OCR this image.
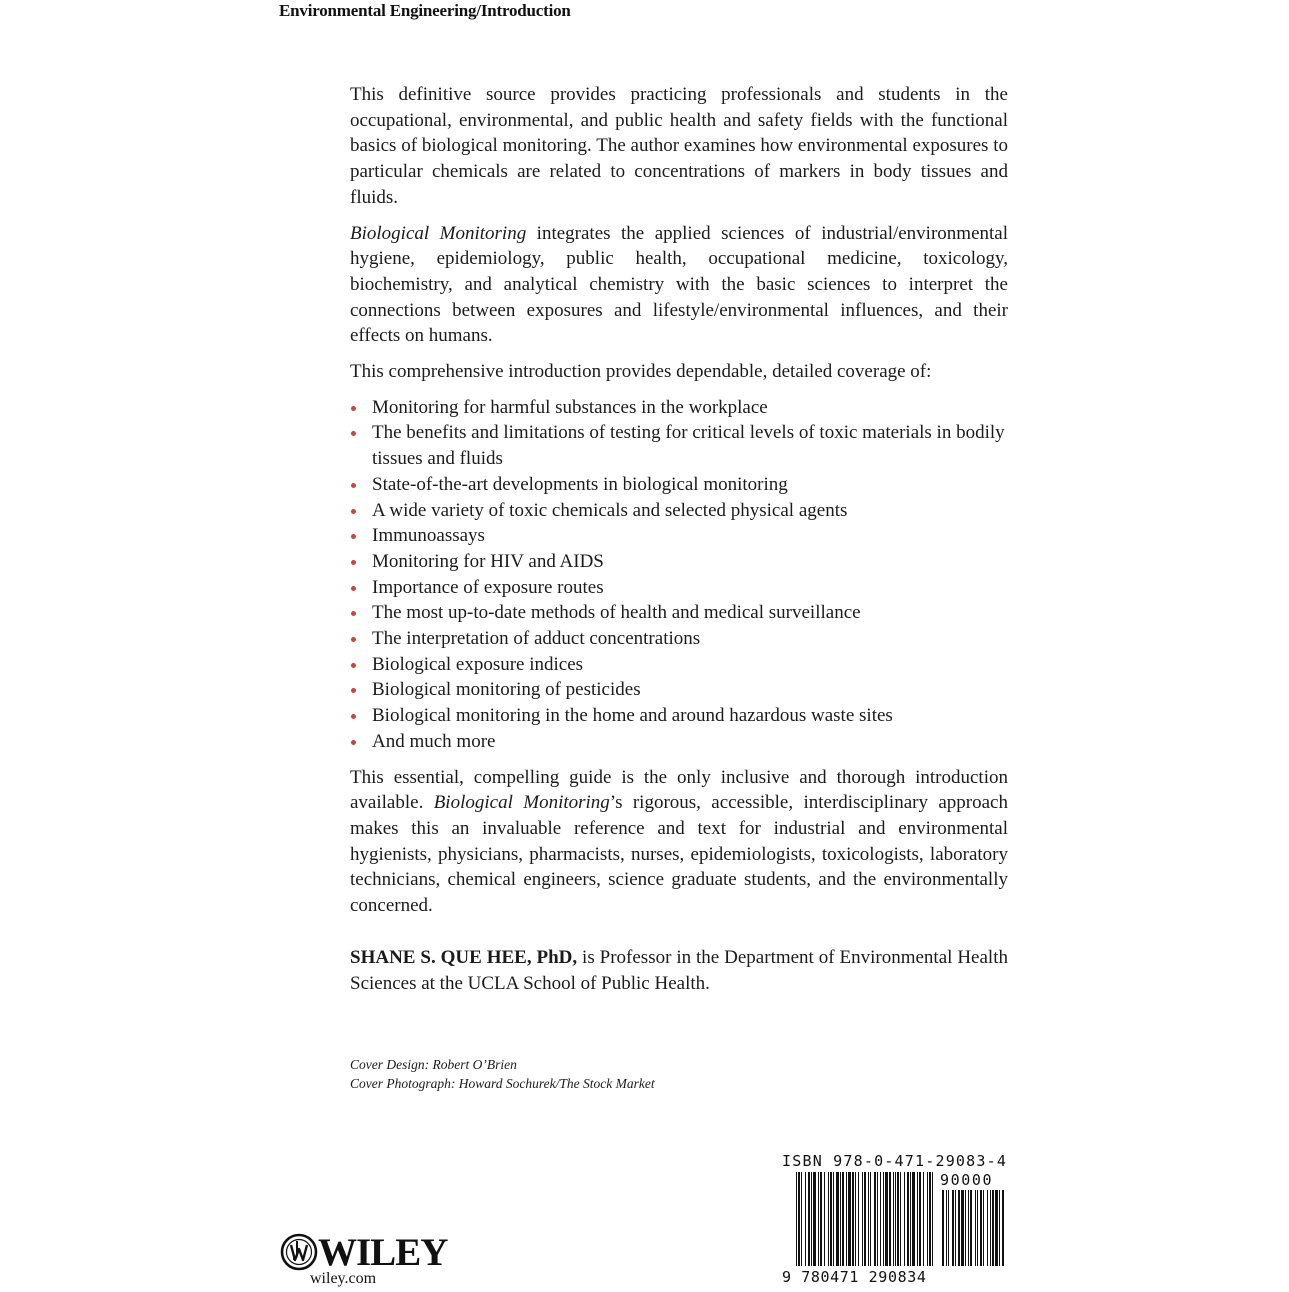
Environmental Engineering/Introduction

This definitive source provides practicing professionals and students in the occupational, environmental, and public health and safety fields with the functional basics of biological monitoring. The author examines how environmental exposures to particular chemicals are related to concentrations of markers in body tissues and fluids.

Biological Monitoring integrates the applied sciences of industrial/environmental hygiene, epidemiology, public health, occupational medicine, toxicology, biochemistry, and analytical chemistry with the basic sciences to interpret the connections between exposures and lifestyle/environmental influences, and their effects on humans.

This comprehensive introduction provides dependable, detailed coverage of:

Monitoring for harmful substances in the workplace
The benefits and limitations of testing for critical levels of toxic materials in bodily tissues and fluids
State-of-the-art developments in biological monitoring
A wide variety of toxic chemicals and selected physical agents
Immunoassays
Monitoring for HIV and AIDS
Importance of exposure routes
The most up-to-date methods of health and medical surveillance
The interpretation of adduct concentrations
Biological exposure indices
Biological monitoring of pesticides
Biological monitoring in the home and around hazardous waste sites
And much more

This essential, compelling guide is the only inclusive and thorough introduction available. Biological Monitoring’s rigorous, accessible, interdisciplinary approach makes this an invaluable reference and text for industrial and environmental hygienists, physicians, pharmacists, nurses, epidemiologists, toxicologists, laboratory technicians, chemical engineers, science graduate students, and the environmentally concerned.

SHANE S. QUE HEE, PhD, is Professor in the Department of Environmental Health Sciences at the UCLA School of Public Health.

Cover Design: Robert O’Brien
Cover Photograph: Howard Sochurek/The Stock Market
WILEY
wiley.com
ISBN 978-0-471-29083-4
90000
9 780471 290834
